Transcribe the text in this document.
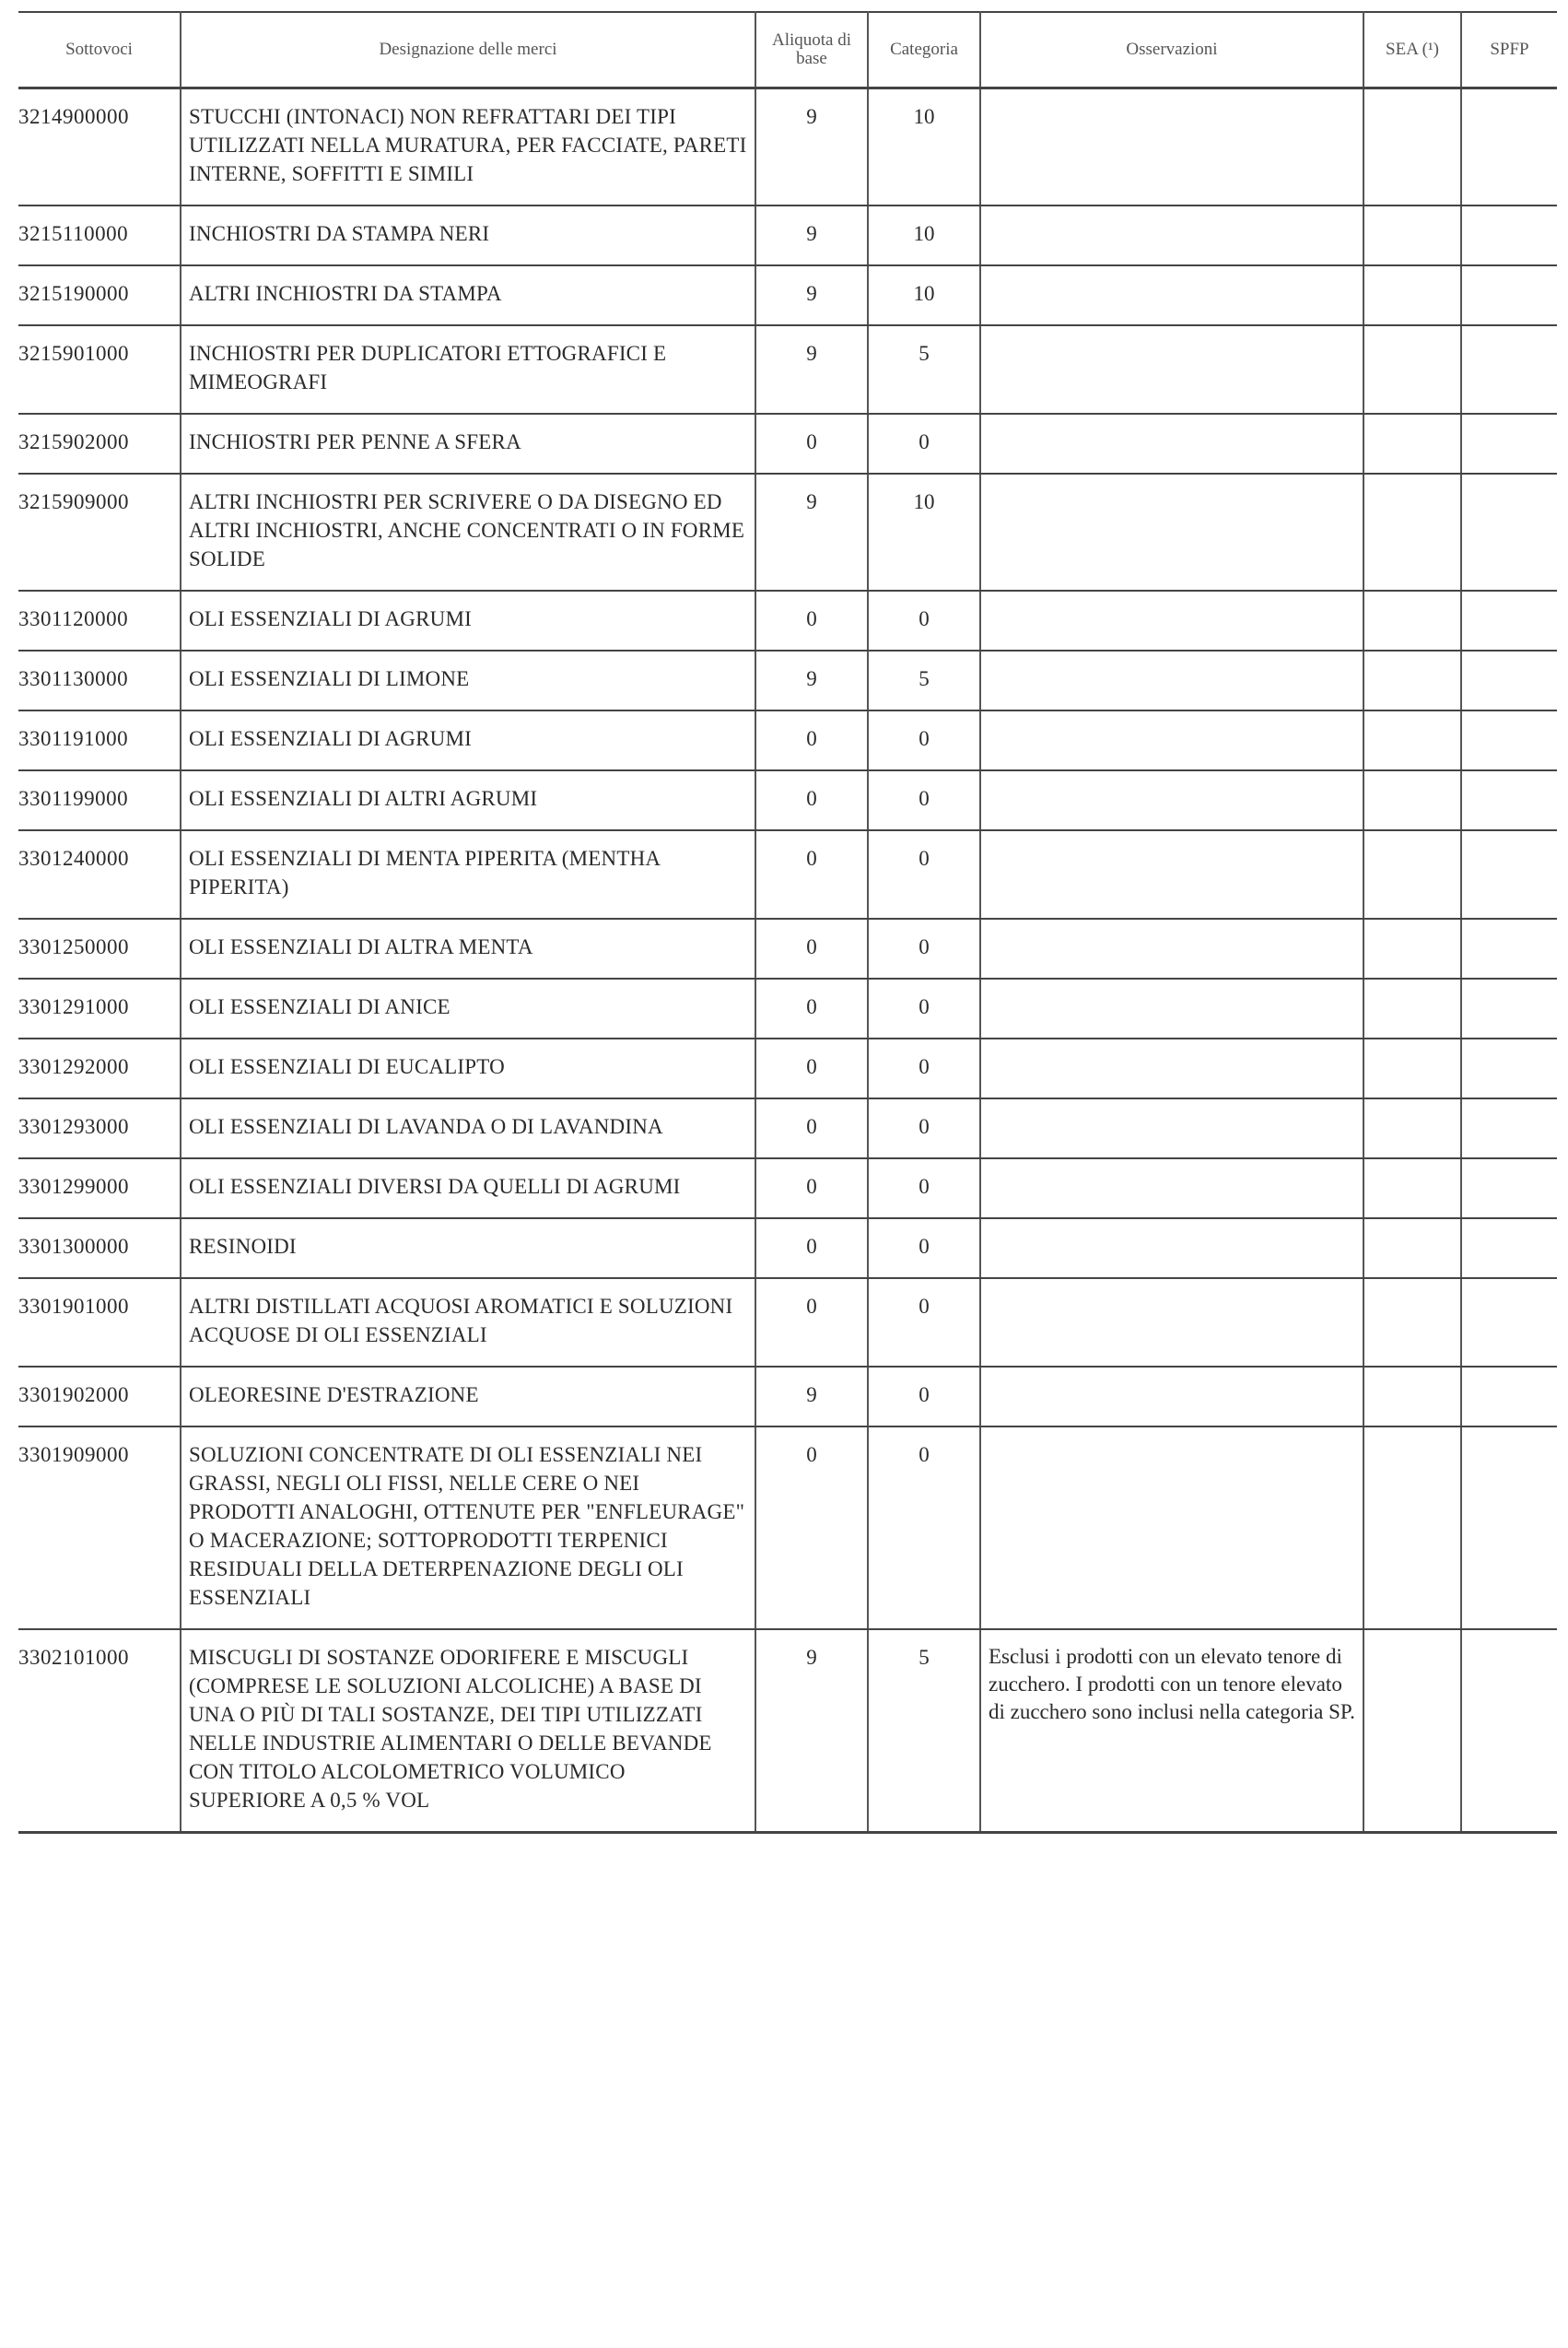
Sottovoci	Designazione delle merci	Aliquota di base	Categoria	Osservazioni	SEA (¹)	SPFP
3214900000	STUCCHI (INTONACI) NON REFRATTARI DEI TIPI UTILIZZATI NELLA MURATURA, PER FACCIATE, PARETI INTERNE, SOFFITTI E SIMILI	9	10			
3215110000	INCHIOSTRI DA STAMPA NERI	9	10			
3215190000	ALTRI INCHIOSTRI DA STAMPA	9	10			
3215901000	INCHIOSTRI PER DUPLICATORI ETTOGRAFICI E MIMEOGRAFI	9	5			
3215902000	INCHIOSTRI PER PENNE A SFERA	0	0			
3215909000	ALTRI INCHIOSTRI PER SCRIVERE O DA DISEGNO ED ALTRI INCHIOSTRI, ANCHE CONCENTRATI O IN FORME SOLIDE	9	10			
3301120000	OLI ESSENZIALI DI AGRUMI	0	0			
3301130000	OLI ESSENZIALI DI LIMONE	9	5			
3301191000	OLI ESSENZIALI DI AGRUMI	0	0			
3301199000	OLI ESSENZIALI DI ALTRI AGRUMI	0	0			
3301240000	OLI ESSENZIALI DI MENTA PIPERITA (MENTHA PIPERITA)	0	0			
3301250000	OLI ESSENZIALI DI ALTRA MENTA	0	0			
3301291000	OLI ESSENZIALI DI ANICE	0	0			
3301292000	OLI ESSENZIALI DI EUCALIPTO	0	0			
3301293000	OLI ESSENZIALI DI LAVANDA O DI LAVANDINA	0	0			
3301299000	OLI ESSENZIALI DIVERSI DA QUELLI DI AGRUMI	0	0			
3301300000	RESINOIDI	0	0			
3301901000	ALTRI DISTILLATI ACQUOSI AROMATICI E SOLUZIONI ACQUOSE DI OLI ESSENZIALI	0	0			
3301902000	OLEORESINE D'ESTRAZIONE	9	0			
3301909000	SOLUZIONI CONCENTRATE DI OLI ESSENZIALI NEI GRASSI, NEGLI OLI FISSI, NELLE CERE O NEI PRODOTTI ANALOGHI, OTTENUTE PER "ENFLEURAGE" O MACERAZIONE; SOTTOPRODOTTI TERPENICI RESIDUALI DELLA DETERPENAZIONE DEGLI OLI ESSENZIALI	0	0			
3302101000	MISCUGLI DI SOSTANZE ODORIFERE E MISCUGLI (COMPRESE LE SOLUZIONI ALCOLICHE) A BASE DI UNA O PIÙ DI TALI SOSTANZE, DEI TIPI UTILIZZATI NELLE INDUSTRIE ALIMENTARI O DELLE BEVANDE CON TITOLO ALCOLOMETRICO VOLUMICO SUPERIORE A 0,5 % VOL	9	5	Esclusi i prodotti con un elevato tenore di zucchero. I prodotti con un tenore elevato di zucchero sono inclusi nella categoria SP.		
